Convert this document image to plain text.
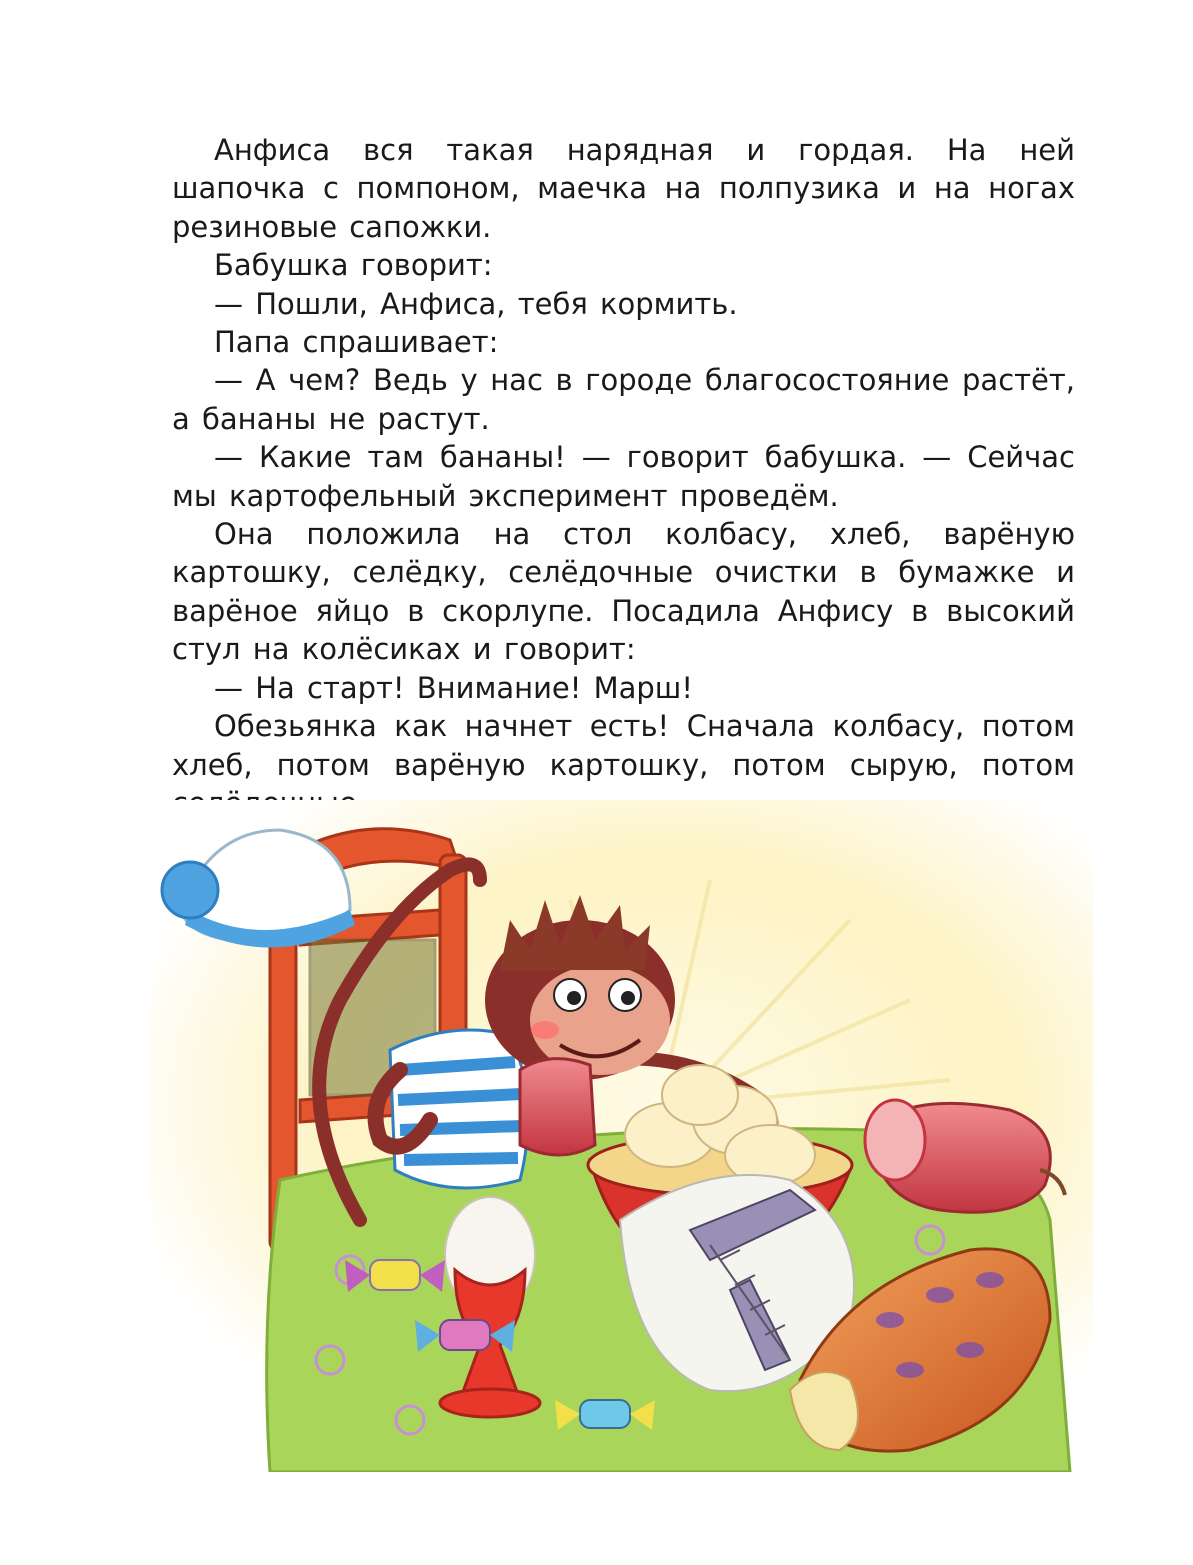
Анфиса вся такая нарядная и гордая. На ней шапочка с помпоном, маечка на полпузика и на ногах резиновые сапожки.

Бабушка говорит:

— Пошли, Анфиса, тебя кормить.

Папа спрашивает:

— А чем? Ведь у нас в городе благосостояние растёт, а бананы не растут.

— Какие там бананы! — говорит бабушка. — Сейчас мы картофельный эксперимент проведём.

Она положила на стол колбасу, хлеб, варёную картошку, селёдку, селёдочные очистки в бумажке и варёное яйцо в скорлупе. Посадила Анфису в высокий стул на колёсиках и говорит:

— На старт! Внимание! Марш!

Обезьянка как начнет есть! Сначала колбасу, потом хлеб, потом варёную картошку, потом сырую, потом
